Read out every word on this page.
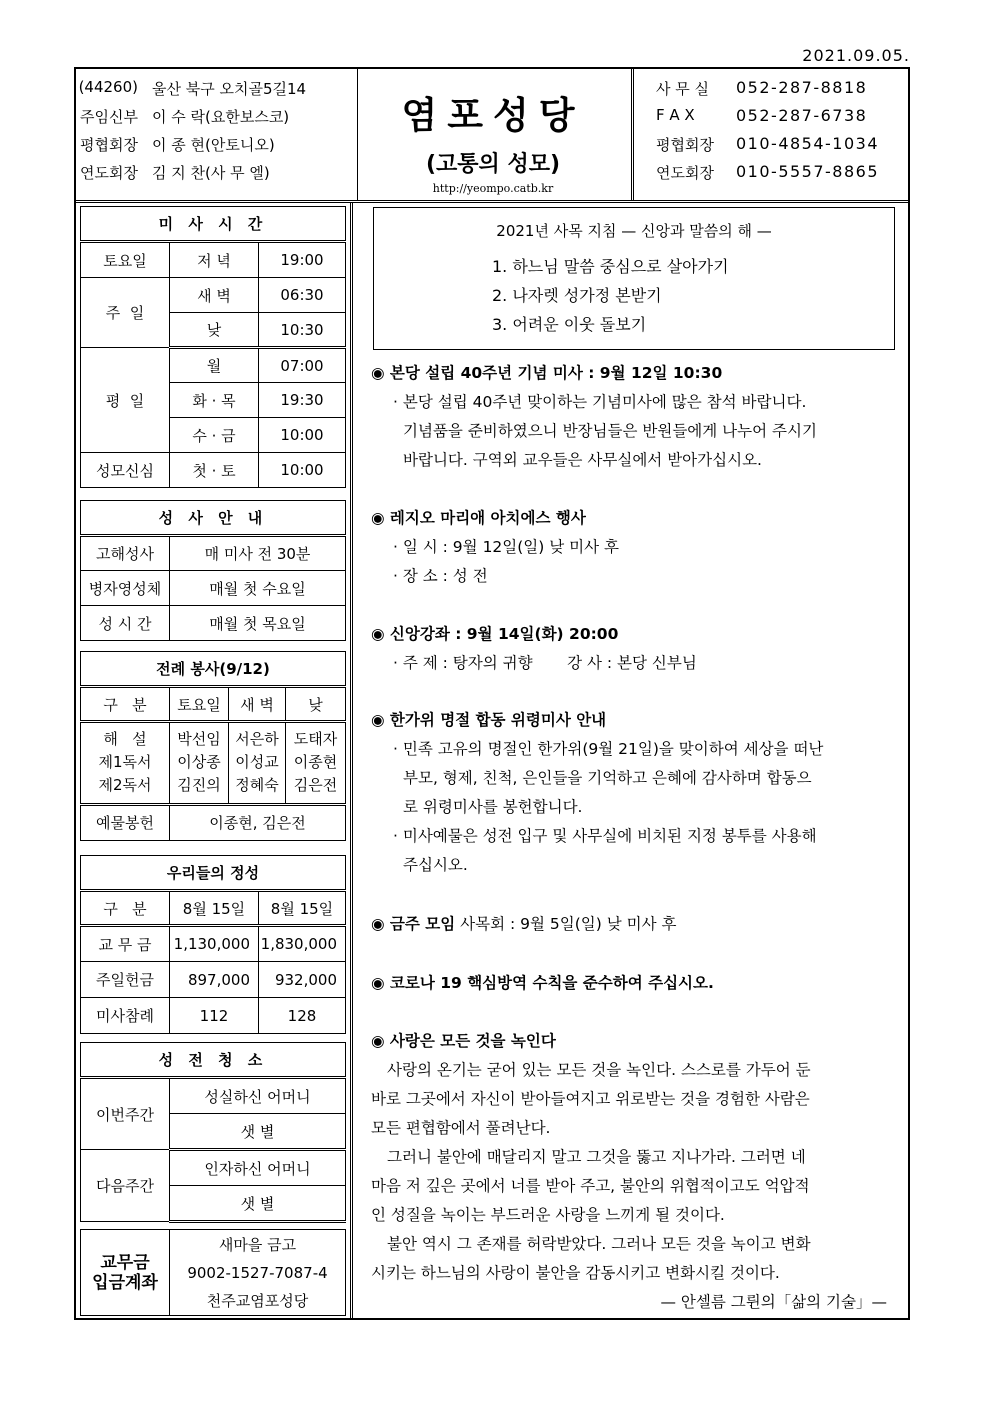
2021.09.05.
(44260) 울산 북구 오치골5길14
주임신부 이 수 락(요한보스코)
평협회장 이 종 현(안토니오)
연도회장 김 지 찬(사 무 엘)
염포성당
(고통의 성모)
http://yeompo.catb.kr
사 무 실	052-287-8818
F A X	052-287-6738
평협회장	010-4854-1034
연도회장	010-5557-8865
미 사 시 간		
토요일	저 녁	19:00
주  일	새 벽	06:30
	낮	10:30
평  일	월	07:00
	화 · 목	19:30
	수 · 금	10:00
성모신심	첫 · 토	10:00
성 사 안 내	
고해성사	매 미사 전 30분
병자영성체	매월 첫 수요일
성 시 간	매월 첫 목요일
전례 봉사(9/12)			
구   분	토요일	새 벽	낮
해   설	박선임	서은하	도태자
제1독서	이상종	이성교	이종현
제2독서	김진의	정혜숙	김은전
예물봉헌	이종현, 김은전		
우리들의 정성		
구   분	8월 15일	8월 15일
교 무 금	1,130,000	1,830,000
주일헌금	897,000	932,000
미사참례	112	128
성 전 청 소	
이번주간	성실하신 어머니
	샛 별
다음주간	인자하신 어머니
	샛 별
교무금
입금계좌

새마을 금고
9002-1527-7087-4
천주교염포성당
2021년 사목 지침 — 신앙과 말씀의 해 —
1. 하느님 말씀 중심으로 살아가기
2. 나자렛 성가정 본받기
3. 어려운 이웃 돌보기
◉ 본당 설립 40주년 기념 미사 : 9월 12일 10:30
· 본당 설립 40주년 맞이하는 기념미사에 많은 참석 바랍니다.
기념품을 준비하였으니 반장님들은 반원들에게 나누어 주시기
바랍니다. 구역외 교우들은 사무실에서 받아가십시오.
◉ 레지오 마리애 아치에스 행사
· 일 시 : 9월 12일(일) 낮 미사 후
· 장 소 : 성 전
◉ 신앙강좌 : 9월 14일(화) 20:00
· 주 제 : 탕자의 귀향       강 사 : 본당 신부님
◉ 한가위 명절 합동 위령미사 안내
· 민족 고유의 명절인 한가위(9월 21일)을 맞이하여 세상을 떠난
부모, 형제, 친척, 은인들을 기억하고 은혜에 감사하며 합동으
로 위령미사를 봉헌합니다.
· 미사예물은 성전 입구 및 사무실에 비치된 지정 봉투를 사용해
주십시오.
◉ 금주 모임 사목회 : 9월 5일(일) 낮 미사 후
◉ 코로나 19 핵심방역 수칙을 준수하여 주십시오.
◉ 사랑은 모든 것을 녹인다
사랑의 온기는 굳어 있는 모든 것을 녹인다. 스스로를 가두어 둔
바로 그곳에서 자신이 받아들여지고 위로받는 것을 경험한 사람은
모든 편협함에서 풀려난다.
그러니 불안에 매달리지 말고 그것을 뚫고 지나가라. 그러면 네
마음 저 깊은 곳에서 너를 받아 주고, 불안의 위협적이고도 억압적
인 성질을 녹이는 부드러운 사랑을 느끼게 될 것이다.
불안 역시 그 존재를 허락받았다. 그러나 모든 것을 녹이고 변화
시키는 하느님의 사랑이 불안을 감동시키고 변화시킬 것이다.
— 안셀름 그륀의「삶의 기술」—
